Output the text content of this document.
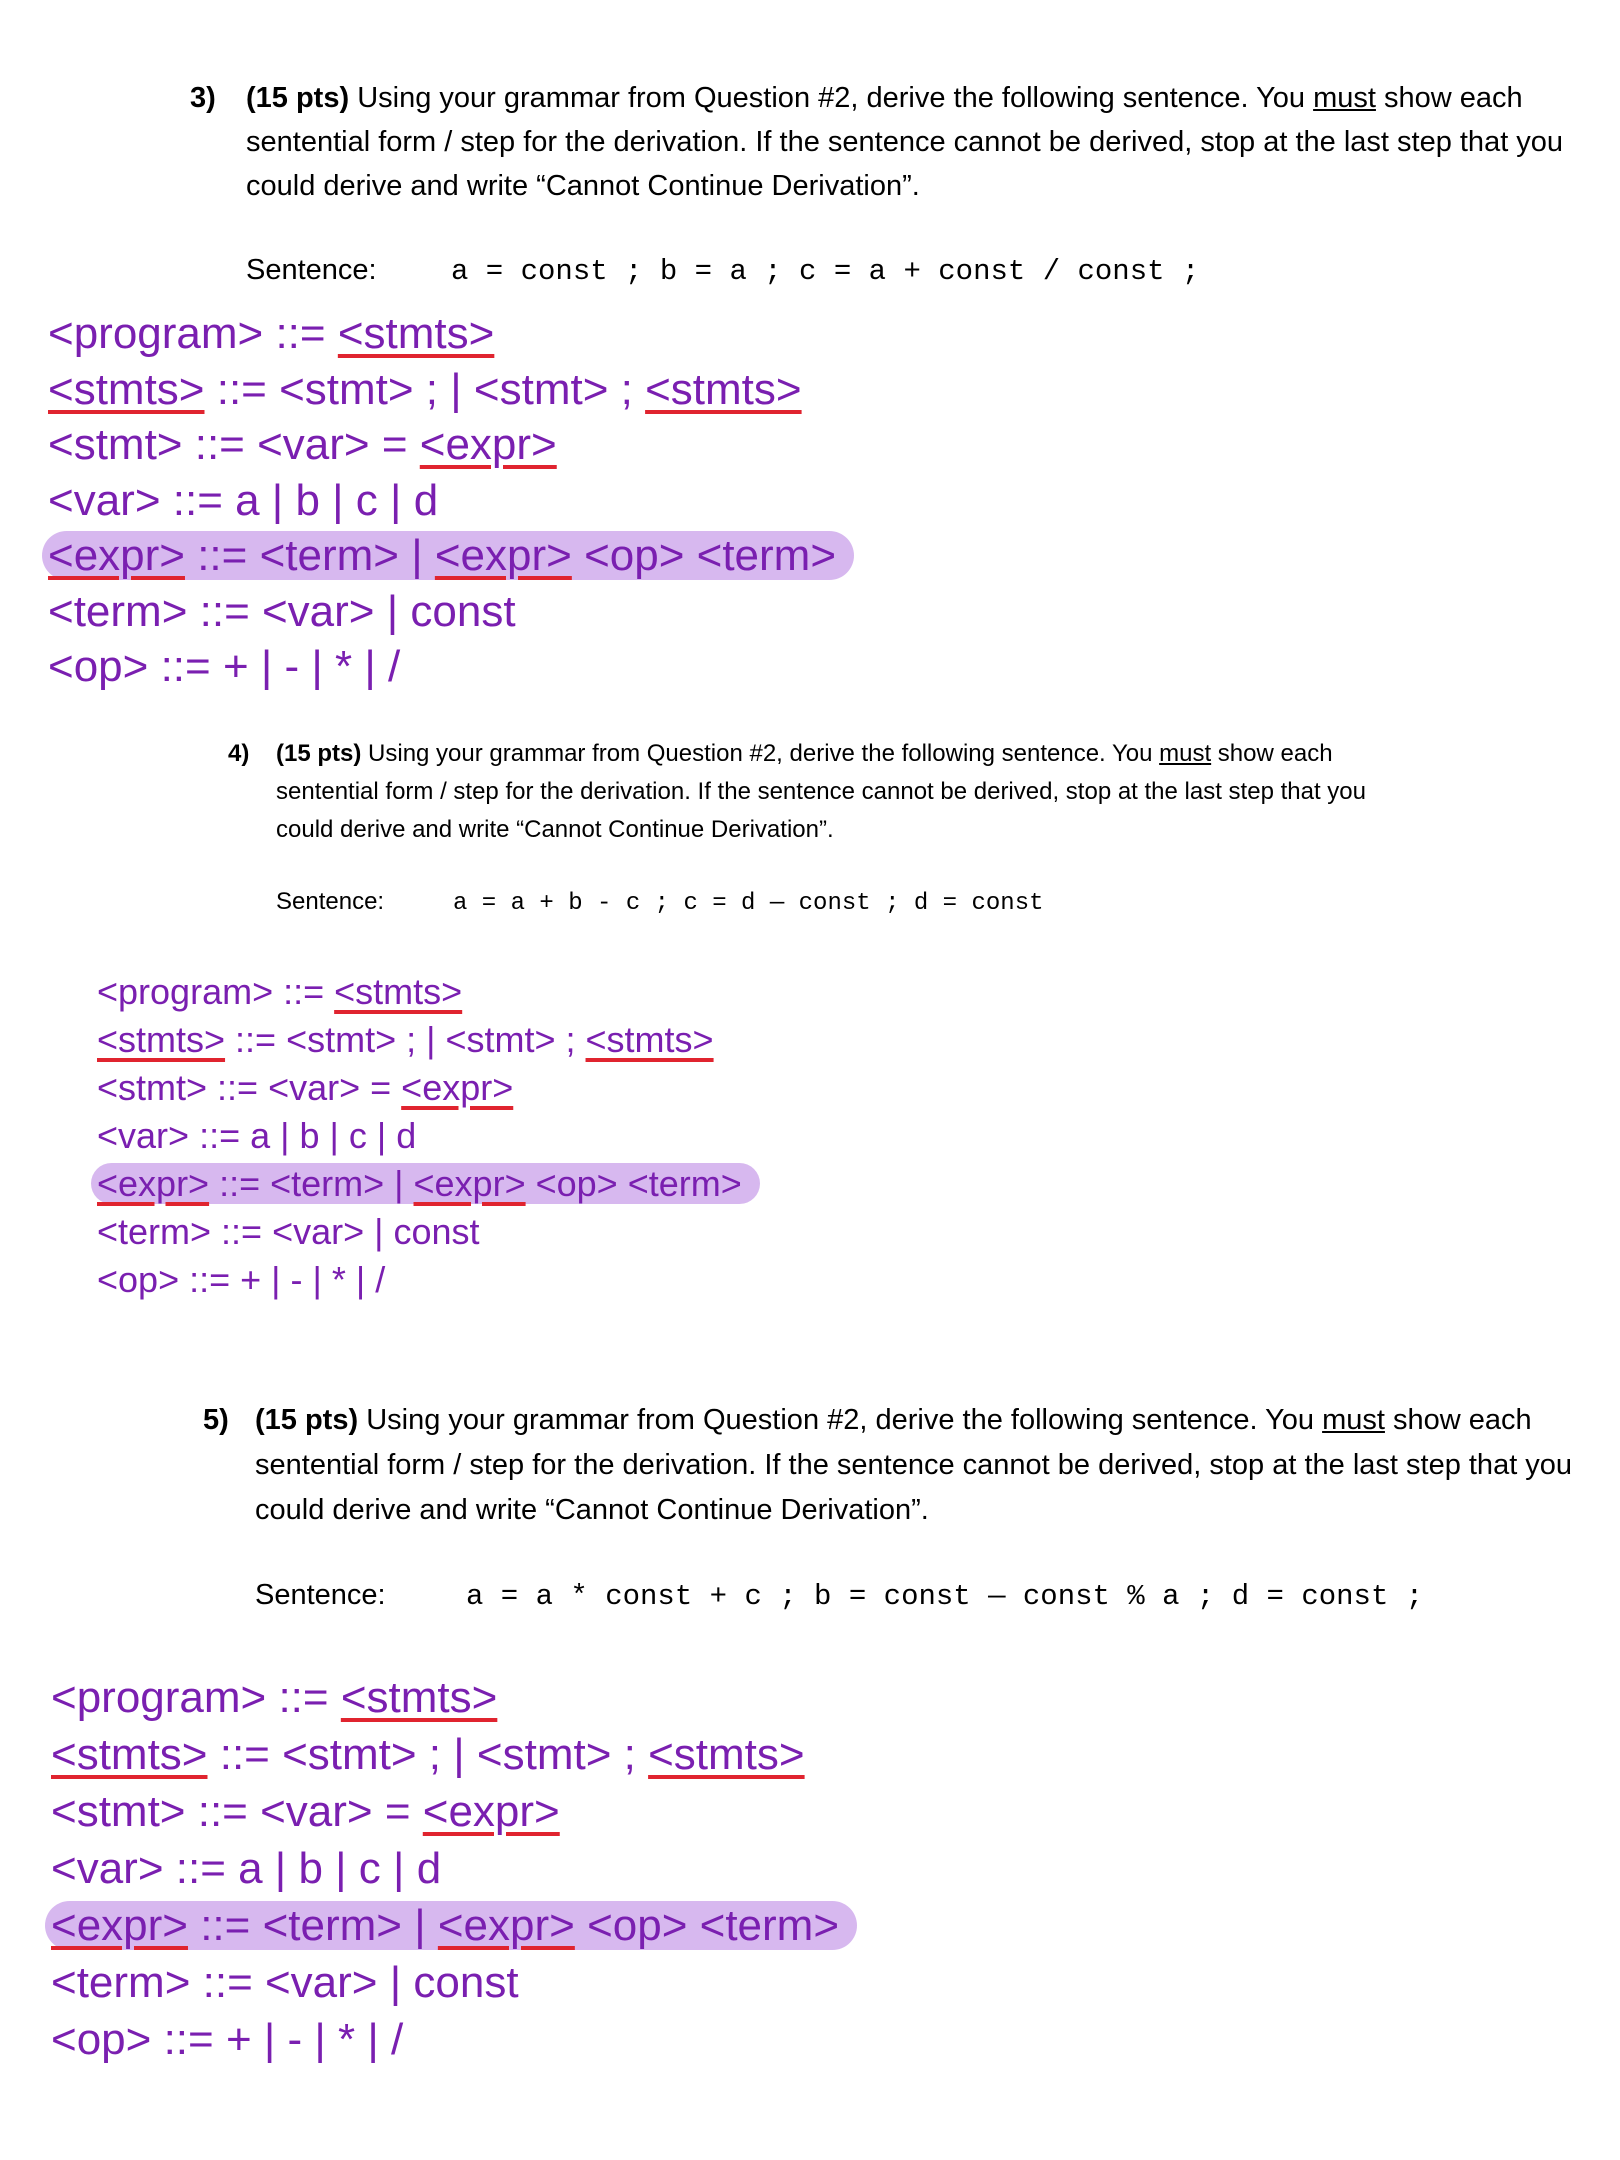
3)	(15 pts) Using your grammar from Question #2, derive the following sentence. You must show each sentential form / step for the derivation. If the sentence cannot be derived, stop at the last step that you could derive and write “Cannot Continue Derivation”.
Sentence:	a = const ; b = a ; c = a + const / const ;
<program> ::= <stmts>
<stmts> ::= <stmt> ; | <stmt> ; <stmts>
<stmt> ::= <var> = <expr>
<var> ::= a | b | c | d
<expr> ::= <term> | <expr> <op> <term>
<term> ::= <var> | const
<op> ::= + | - | * | /
4)	(15 pts) Using your grammar from Question #2, derive the following sentence. You must show each sentential form / step for the derivation. If the sentence cannot be derived, stop at the last step that you could derive and write “Cannot Continue Derivation”.
Sentence:	a = a + b - c ; c = d — const ; d = const
<program> ::= <stmts>
<stmts> ::= <stmt> ; | <stmt> ; <stmts>
<stmt> ::= <var> = <expr>
<var> ::= a | b | c | d
<expr> ::= <term> | <expr> <op> <term>
<term> ::= <var> | const
<op> ::= + | - | * | /
5) (15 pts) Using your grammar from Question #2, derive the following sentence. You must show each sentential form / step for the derivation. If the sentence cannot be derived, stop at the last step that you could derive and write “Cannot Continue Derivation”.
Sentence:	a = a * const + c ; b = const — const % a ; d = const ;
<program> ::= <stmts>
<stmts> ::= <stmt> ; | <stmt> ; <stmts>
<stmt> ::= <var> = <expr>
<var> ::= a | b | c | d
<expr> ::= <term> | <expr> <op> <term>
<term> ::= <var> | const
<op> ::= + | - | * | /
